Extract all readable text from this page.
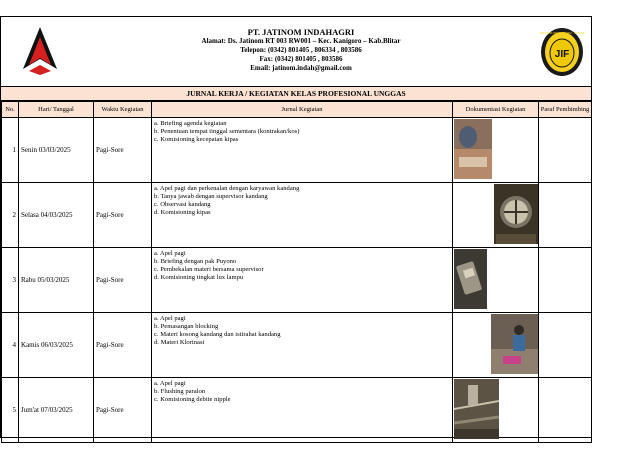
PT. JATINOM INDAHAGRI
Alamat: Ds. Jatinom RT 003 RW001 – Kec. Kanigoro – Kab.Blitar
Telepon: (0342) 801405 , 806334 , 803586
Fax: (0342) 801405 , 803586
Email: jatinom.indah@gmail.com
JIF
JATINOM INDAH FARM · BLITAR
JURNAL KERJA / KEGIATAN KELAS PROFESIONAL UNGGAS
No.	Hari/ Tanggal	Waktu Kegiatan	Jurnal Kegiatan	Dokumentasi Kegiatan	Paraf Pembimbing
1	Senin 03/03/2025	Pagi-Sore	a. Briefing agenda kegiatan
b. Penentuan tempat tinggal sementara (kontrakan/kos)
c. Komisioning kecepatan kipas

2	Selasa 04/03/2025	Pagi-Sore	a. Apel pagi dan perkenalan dengan karyawan kandang
b. Tanya jawab dengan supervisor kandang
c. Observasi kandang
d. Komisioning kipas

3	Rabu 05/03/2025	Pagi-Sore	a. Apel pagi
b. Briefing dengan pak Puyono
c. Pembekalan materi bersama supervisor
d. Komisioning tingkat lux lampu

4	Kamis 06/03/2025	Pagi-Sore	a. Apel pagi
b. Pemasangan blocking
c. Materi kosong kandang dan istirahat kandang
d. Materi Klorinasi

5	Jum'at 07/03/2025	Pagi-Sore	a. Apel pagi
b. Flushing paralon
c. Komisioning debite nipple
